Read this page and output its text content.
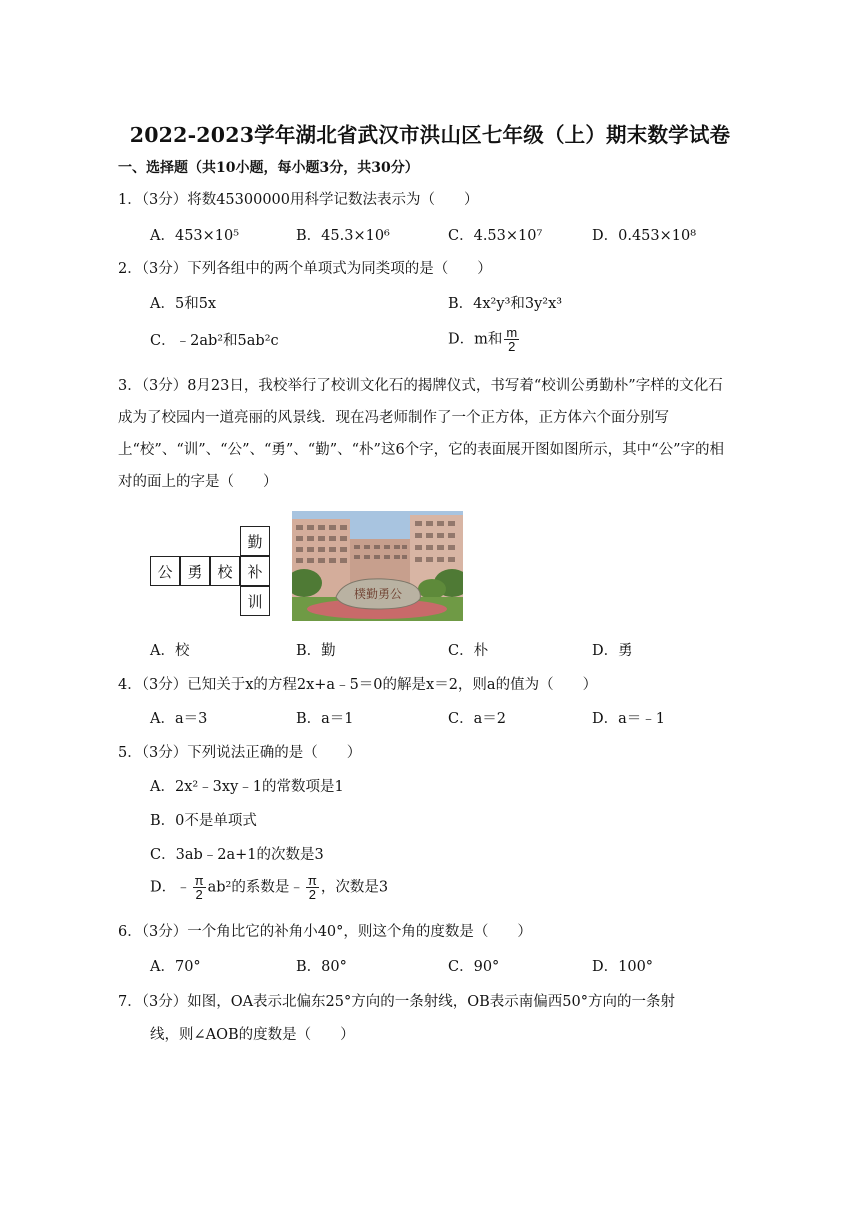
2022-2023学年湖北省武汉市洪山区七年级（上）期末数学试卷
一、选择题（共10小题，每小题3分，共30分）
1．（3分）将数45300000用科学记数法表示为（　　）
A．453×10⁵	B．45.3×10⁶	C．4.53×10⁷	D．0.453×10⁸
2．（3分）下列各组中的两个单项式为同类项的是（　　）
A．5和5x	B．4x²y³和3y²x³
C．﹣2ab²和5ab²c	D．m和 $\frac{m}{2}$
3．（3分）8月23日，我校举行了校训文化石的揭牌仪式，书写着“校训公勇勤朴”字样的文化石成为了校园内一道亮丽的风景线．现在冯老师制作了一个正方体，正方体六个面分别写上“校”、“训”、“公”、“勇”、“勤”、“朴”这6个字，它的表面展开图如图所示，其中“公”字的相对的面上的字是（　　）
公 勇 校
勤
补
训	樸勤勇公
A．校	B．勤	C．朴	D．勇
4．（3分）已知关于x的方程2x+a﹣5＝0的解是x＝2，则a的值为（　　）
A．a＝3	B．a＝1	C．a＝2	D．a＝﹣1
5．（3分）下列说法正确的是（　　）
A．2x²﹣3xy﹣1的常数项是1
B．0不是单项式
C．3ab﹣2a+1的次数是3
D．﹣ $\frac{\pi}{2} ab^2$的系数是﹣ $\frac{\pi}{2}$ ，次数是3
6．（3分）一个角比它的补角小40°，则这个角的度数是（　　）
A．70°	B．80°	C．90°	D．100°
7．（3分）如图，OA表示北偏东25°方向的一条射线，OB表示南偏西50°方向的一条射
线，则∠AOB的度数是（　　）
